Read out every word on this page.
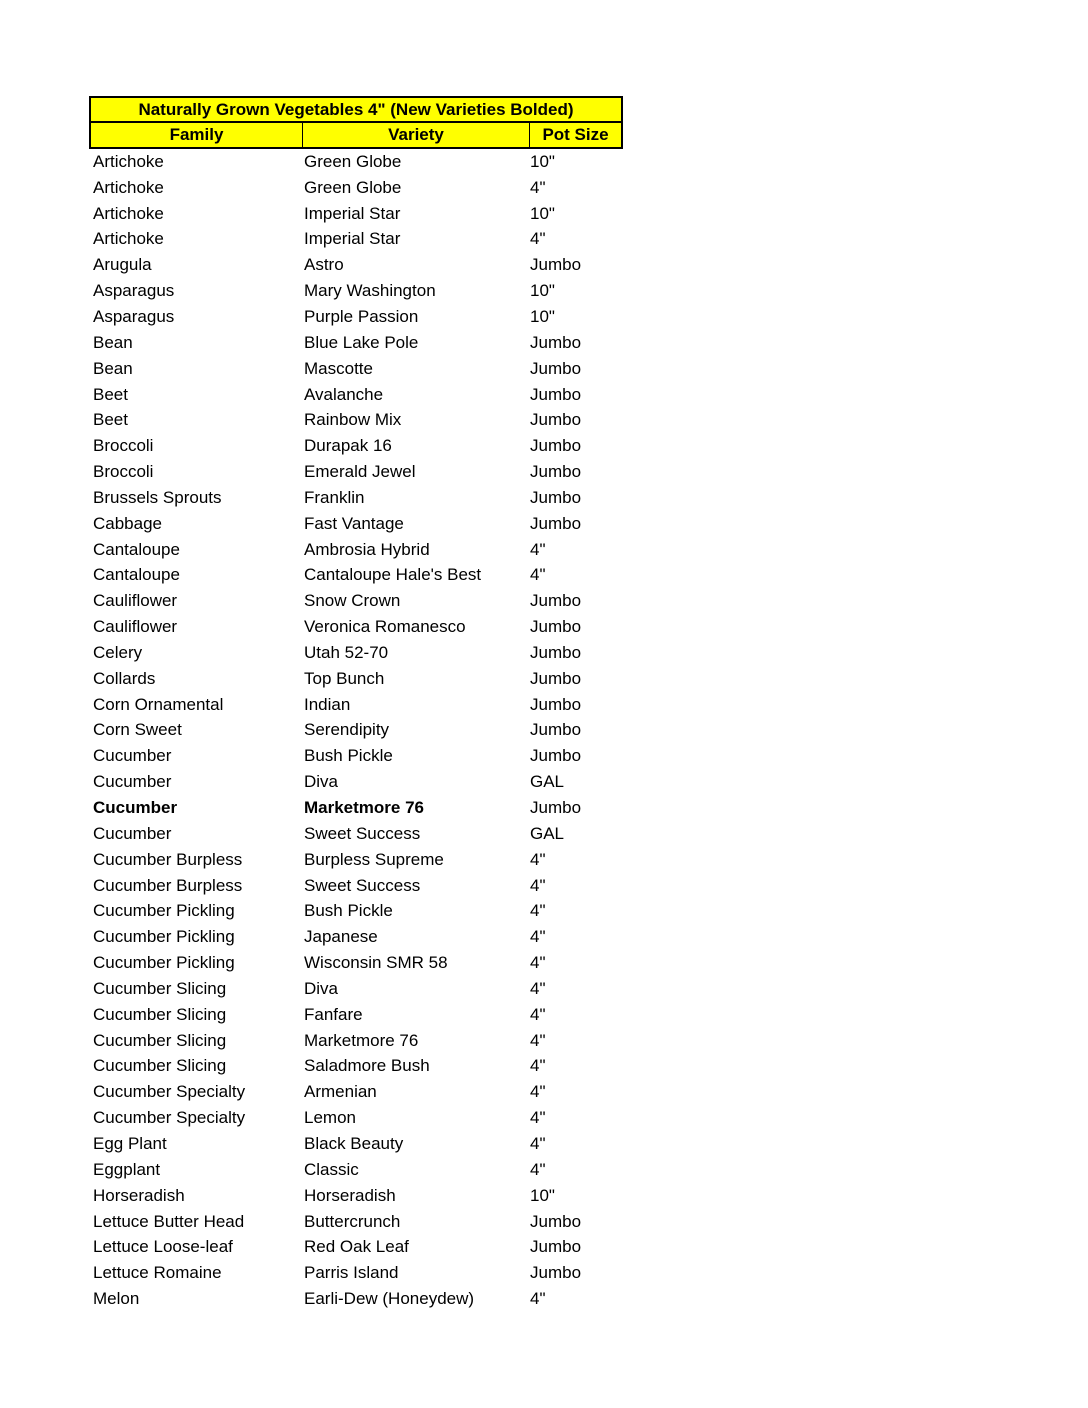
Naturally Grown Vegetables 4" (New Varieties Bolded)
Family	Variety	Pot Size
Artichoke	Green Globe	10"
Artichoke	Green Globe	4"
Artichoke	Imperial Star	10"
Artichoke	Imperial Star	4"
Arugula	Astro	Jumbo
Asparagus	Mary Washington	10"
Asparagus	Purple Passion	10"
Bean	Blue Lake Pole	Jumbo
Bean	Mascotte	Jumbo
Beet	Avalanche	Jumbo
Beet	Rainbow Mix	Jumbo
Broccoli	Durapak 16	Jumbo
Broccoli	Emerald Jewel	Jumbo
Brussels Sprouts	Franklin	Jumbo
Cabbage	Fast Vantage	Jumbo
Cantaloupe	Ambrosia Hybrid	4"
Cantaloupe	Cantaloupe Hale's Best	4"
Cauliflower	Snow Crown	Jumbo
Cauliflower	Veronica Romanesco	Jumbo
Celery	Utah 52-70	Jumbo
Collards	Top Bunch	Jumbo
Corn Ornamental	Indian	Jumbo
Corn Sweet	Serendipity	Jumbo
Cucumber	Bush Pickle	Jumbo
Cucumber	Diva	GAL
Cucumber	Marketmore 76	Jumbo
Cucumber	Sweet Success	GAL
Cucumber Burpless	Burpless Supreme	4"
Cucumber Burpless	Sweet Success	4"
Cucumber Pickling	Bush Pickle	4"
Cucumber Pickling	Japanese	4"
Cucumber Pickling	Wisconsin SMR 58	4"
Cucumber Slicing	Diva	4"
Cucumber Slicing	Fanfare	4"
Cucumber Slicing	Marketmore 76	4"
Cucumber Slicing	Saladmore Bush	4"
Cucumber Specialty	Armenian	4"
Cucumber Specialty	Lemon	4"
Egg Plant	Black Beauty	4"
Eggplant	Classic	4"
Horseradish	Horseradish	10"
Lettuce Butter Head	Buttercrunch	Jumbo
Lettuce Loose-leaf	Red Oak Leaf	Jumbo
Lettuce Romaine	Parris Island	Jumbo
Melon	Earli-Dew (Honeydew)	4"
